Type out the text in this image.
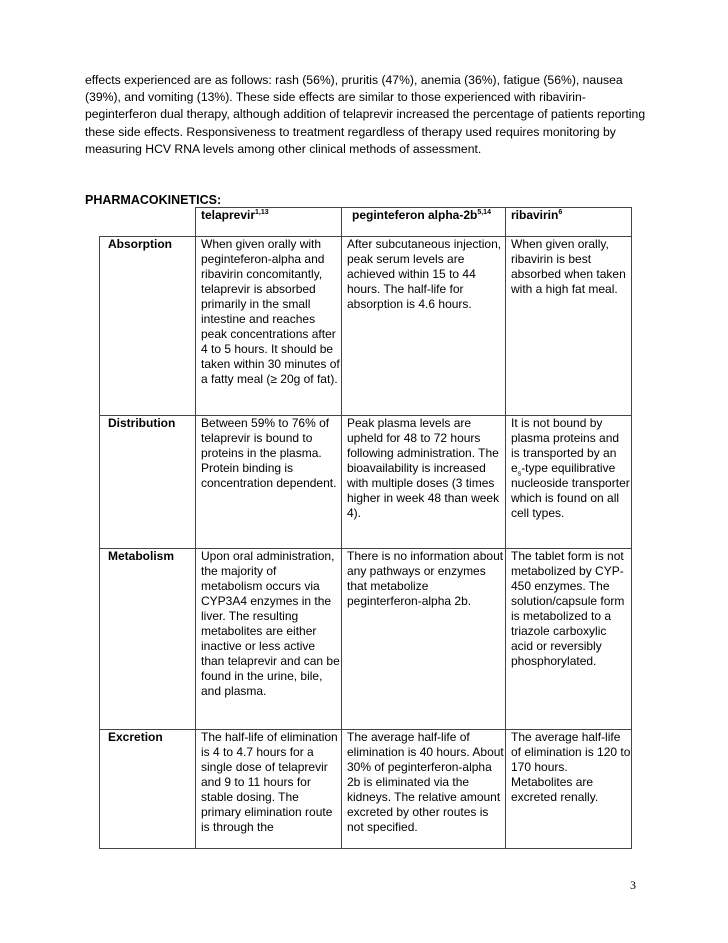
effects experienced are as follows: rash (56%), pruritis (47%), anemia (36%), fatigue (56%), nausea (39%), and vomiting (13%). These side effects are similar to those experienced with ribavirin-peginterferon dual therapy, although addition of telaprevir increased the percentage of patients reporting these side effects. Responsiveness to treatment regardless of therapy used requires monitoring by measuring HCV RNA levels among other clinical methods of assessment.

PHARMACOKINETICS:
	telaprevir$^{1,13}$	peginteferon alpha-$2b^{5,14}$	ribavirin$^6$
Absorption	When given orally with peginteferon-alpha and ribavirin concomitantly, telaprevir is absorbed primarily in the small intestine and reaches peak concentrations after 4 to 5 hours. It should be taken within 30 minutes of a fatty meal (≥ 20g of fat).	After subcutaneous injection, peak serum levels are achieved within 15 to 44 hours. The half-life for absorption is 4.6 hours.	When given orally, ribavirin is best absorbed when taken with a high fat meal.
Distribution	Between 59% to 76% of telaprevir is bound to proteins in the plasma. Protein binding is concentration dependent.	Peak plasma levels are upheld for 48 to 72 hours following administration. The bioavailability is increased with multiple doses (3 times higher in week 48 than week 4).	It is not bound by plasma proteins and is transported by an $e_s$-type equilibrative nucleoside transporter which is found on all cell types.
Metabolism	Upon oral administration, the majority of metabolism occurs via CYP3A4 enzymes in the liver. The resulting metabolites are either inactive or less active than telaprevir and can be found in the urine, bile, and plasma.	There is no information about any pathways or enzymes that metabolize peginterferon-alpha 2b.	The tablet form is not metabolized by CYP-450 enzymes. The solution/capsule form is metabolized to a triazole carboxylic acid or reversibly phosphorylated.
Excretion	The half-life of elimination is 4 to 4.7 hours for a single dose of telaprevir and 9 to 11 hours for stable dosing. The primary elimination route is through the	The average half-life of elimination is 40 hours. About 30% of peginterferon-alpha 2b is eliminated via the kidneys. The relative amount excreted by other routes is not specified.	The average half-life of elimination is 120 to 170 hours. Metabolites are excreted renally.
3
